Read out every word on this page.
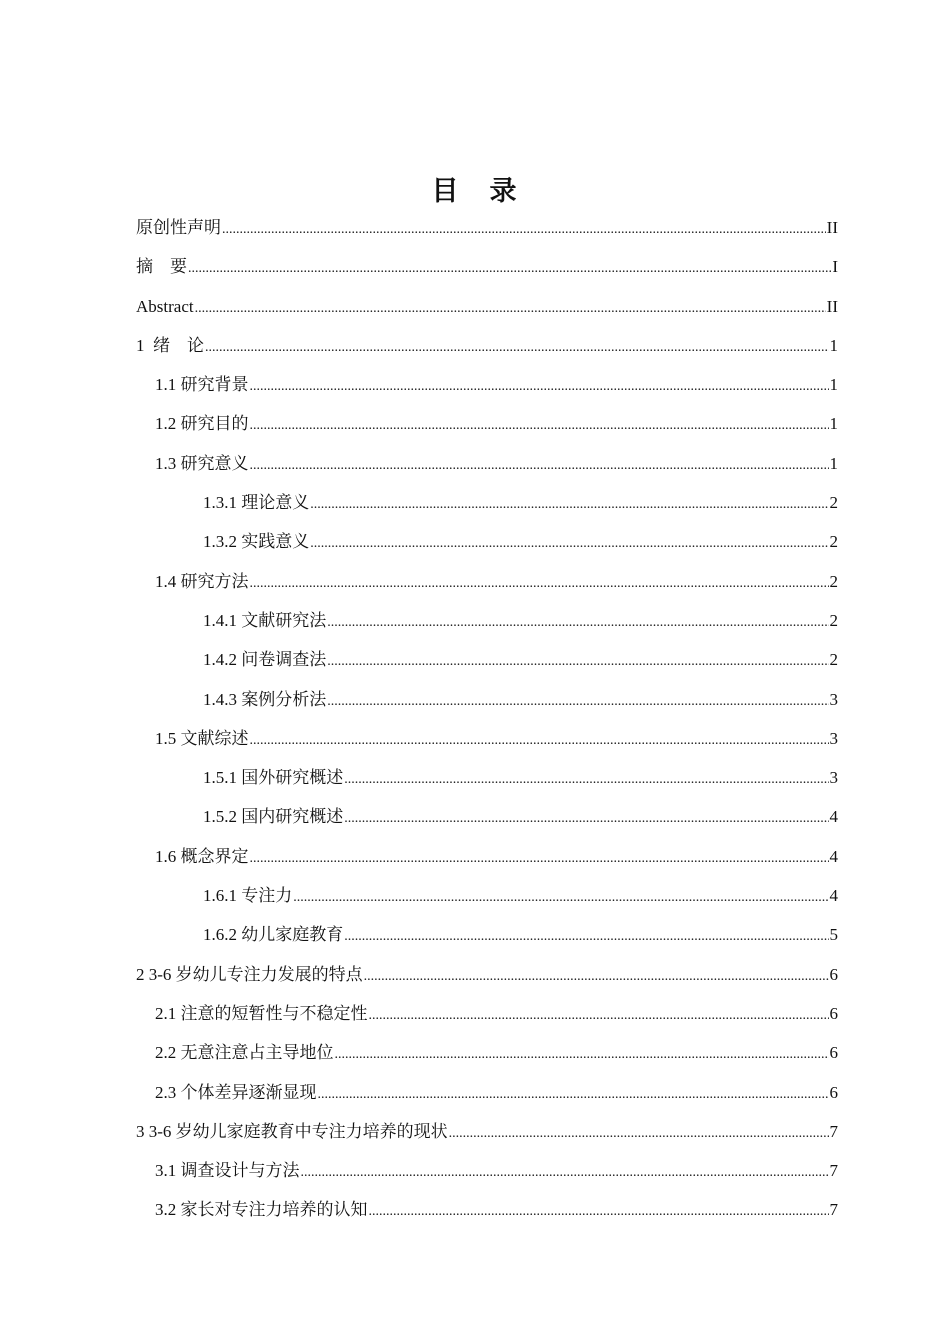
目　录
原创性声明 .....	II
摘　要 .....	I
Abstract .....	II
1  绪　论 .....	1
1.1 研究背景 .....	1
1.2 研究目的 .....	1
1.3 研究意义 .....	1
1.3.1 理论意义 .....	2
1.3.2 实践意义 .....	2
1.4 研究方法 .....	2
1.4.1 文献研究法 .....	2
1.4.2 问卷调查法 .....	2
1.4.3 案例分析法 .....	3
1.5 文献综述 .....	3
1.5.1 国外研究概述 .....	3
1.5.2 国内研究概述 .....	4
1.6 概念界定 .....	4
1.6.1 专注力 .....	4
1.6.2 幼儿家庭教育 .....	5
2 3-6 岁幼儿专注力发展的特点 .....	6
2.1 注意的短暂性与不稳定性 .....	6
2.2 无意注意占主导地位 .....	6
2.3 个体差异逐渐显现 .....	6
3 3-6 岁幼儿家庭教育中专注力培养的现状 .....	7
3.1 调查设计与方法 .....	7
3.2 家长对专注力培养的认知 .....	7
